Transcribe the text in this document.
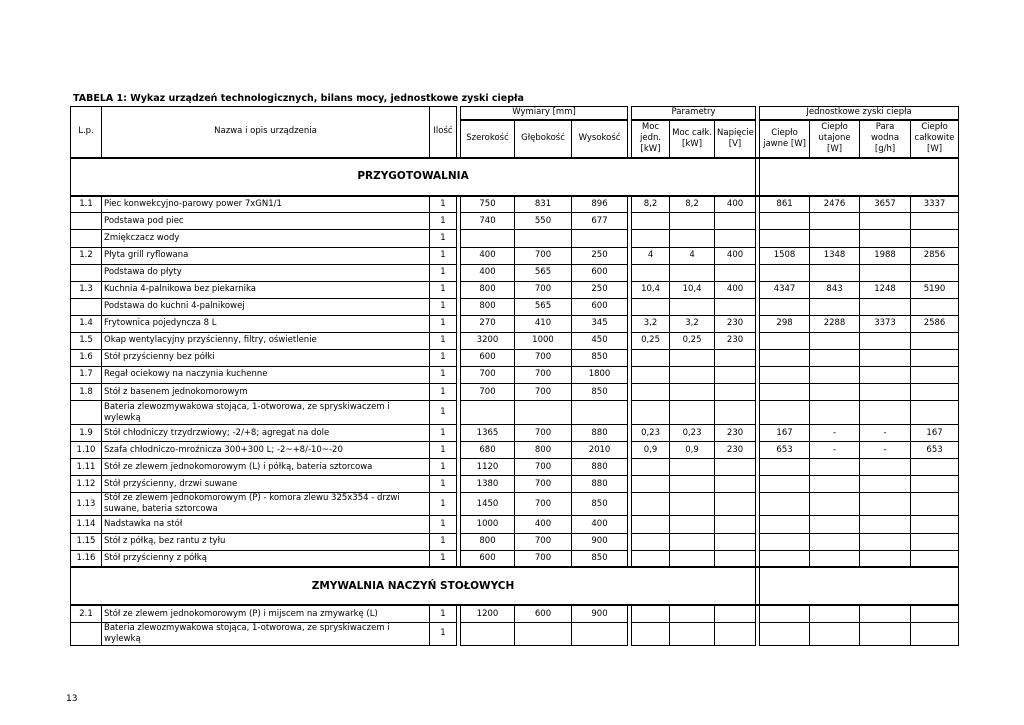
TABELA 1: Wykaz urządzeń technologicznych, bilans mocy, jednostkowe zyski ciepła
L.p.	Nazwa i opis urządzenia	Ilość		Wymiary [mm]				Parametry				Jednostkowe zyski ciepła			
				Szerokość	Głębokość	Wysokość		Moc jedn. [kW]	Moc całk. [kW]	Napięcie [V]		Ciepło jawne [W]	Ciepło utajone [W]	Para wodna [g/h]	Ciepło całkowite [W]
PRZYGOTOWALNIA															
1.1	Piec konwekcyjno-parowy power 7xGN1/1	1		750	831	896		8,2	8,2	400		861	2476	3657	3337
	Podstawa pod piec	1		740	550	677									
	Zmiękczacz wody	1													
1.2	Płyta grill ryflowana	1		400	700	250		4	4	400		1508	1348	1988	2856
	Podstawa do płyty	1		400	565	600									
1.3	Kuchnia 4-palnikowa bez piekarnika	1		800	700	250		10,4	10,4	400		4347	843	1248	5190
	Podstawa do kuchni 4-palnikowej	1		800	565	600									
1.4	Frytownica pojedyncza 8 L	1		270	410	345		3,2	3,2	230		298	2288	3373	2586
1.5	Okap wentylacyjny przyścienny, filtry, oświetlenie	1		3200	1000	450		0,25	0,25	230					
1.6	Stół przyścienny bez półki	1		600	700	850									
1.7	Regał ociekowy na naczynia kuchenne	1		700	700	1800									
1.8	Stół z basenem jednokomorowym	1		700	700	850									
	Bateria zlewozmywakowa stojąca, 1-otworowa, ze spryskiwaczem i wylewką	1													
1.9	Stół chłodniczy trzydrzwiowy; -2/+8; agregat na dole	1		1365	700	880		0,23	0,23	230		167	-	-	167
1.10	Szafa chłodniczo-mroźnicza 300+300 L; -2~+8/-10~-20	1		680	800	2010		0,9	0,9	230		653	-	-	653
1.11	Stół ze zlewem jednokomorowym (L) i półką, bateria sztorcowa	1		1120	700	880									
1.12	Stół przyścienny, drzwi suwane	1		1380	700	880									
1.13	Stół ze zlewem jednokomorowym (P) - komora zlewu 325x354 - drzwi suwane, bateria sztorcowa	1		1450	700	850									
1.14	Nadstawka na stół	1		1000	400	400									
1.15	Stół z półką, bez rantu z tyłu	1		800	700	900									
1.16	Stół przyścienny z półką	1		600	700	850									
ZMYWALNIA NACZYŃ STOŁOWYCH															
2.1	Stół ze zlewem jednokomorowym (P) i mijscem na zmywarkę (L)	1		1200	600	900									
	Bateria zlewozmywakowa stojąca, 1-otworowa, ze spryskiwaczem i wylewką	1													
13
